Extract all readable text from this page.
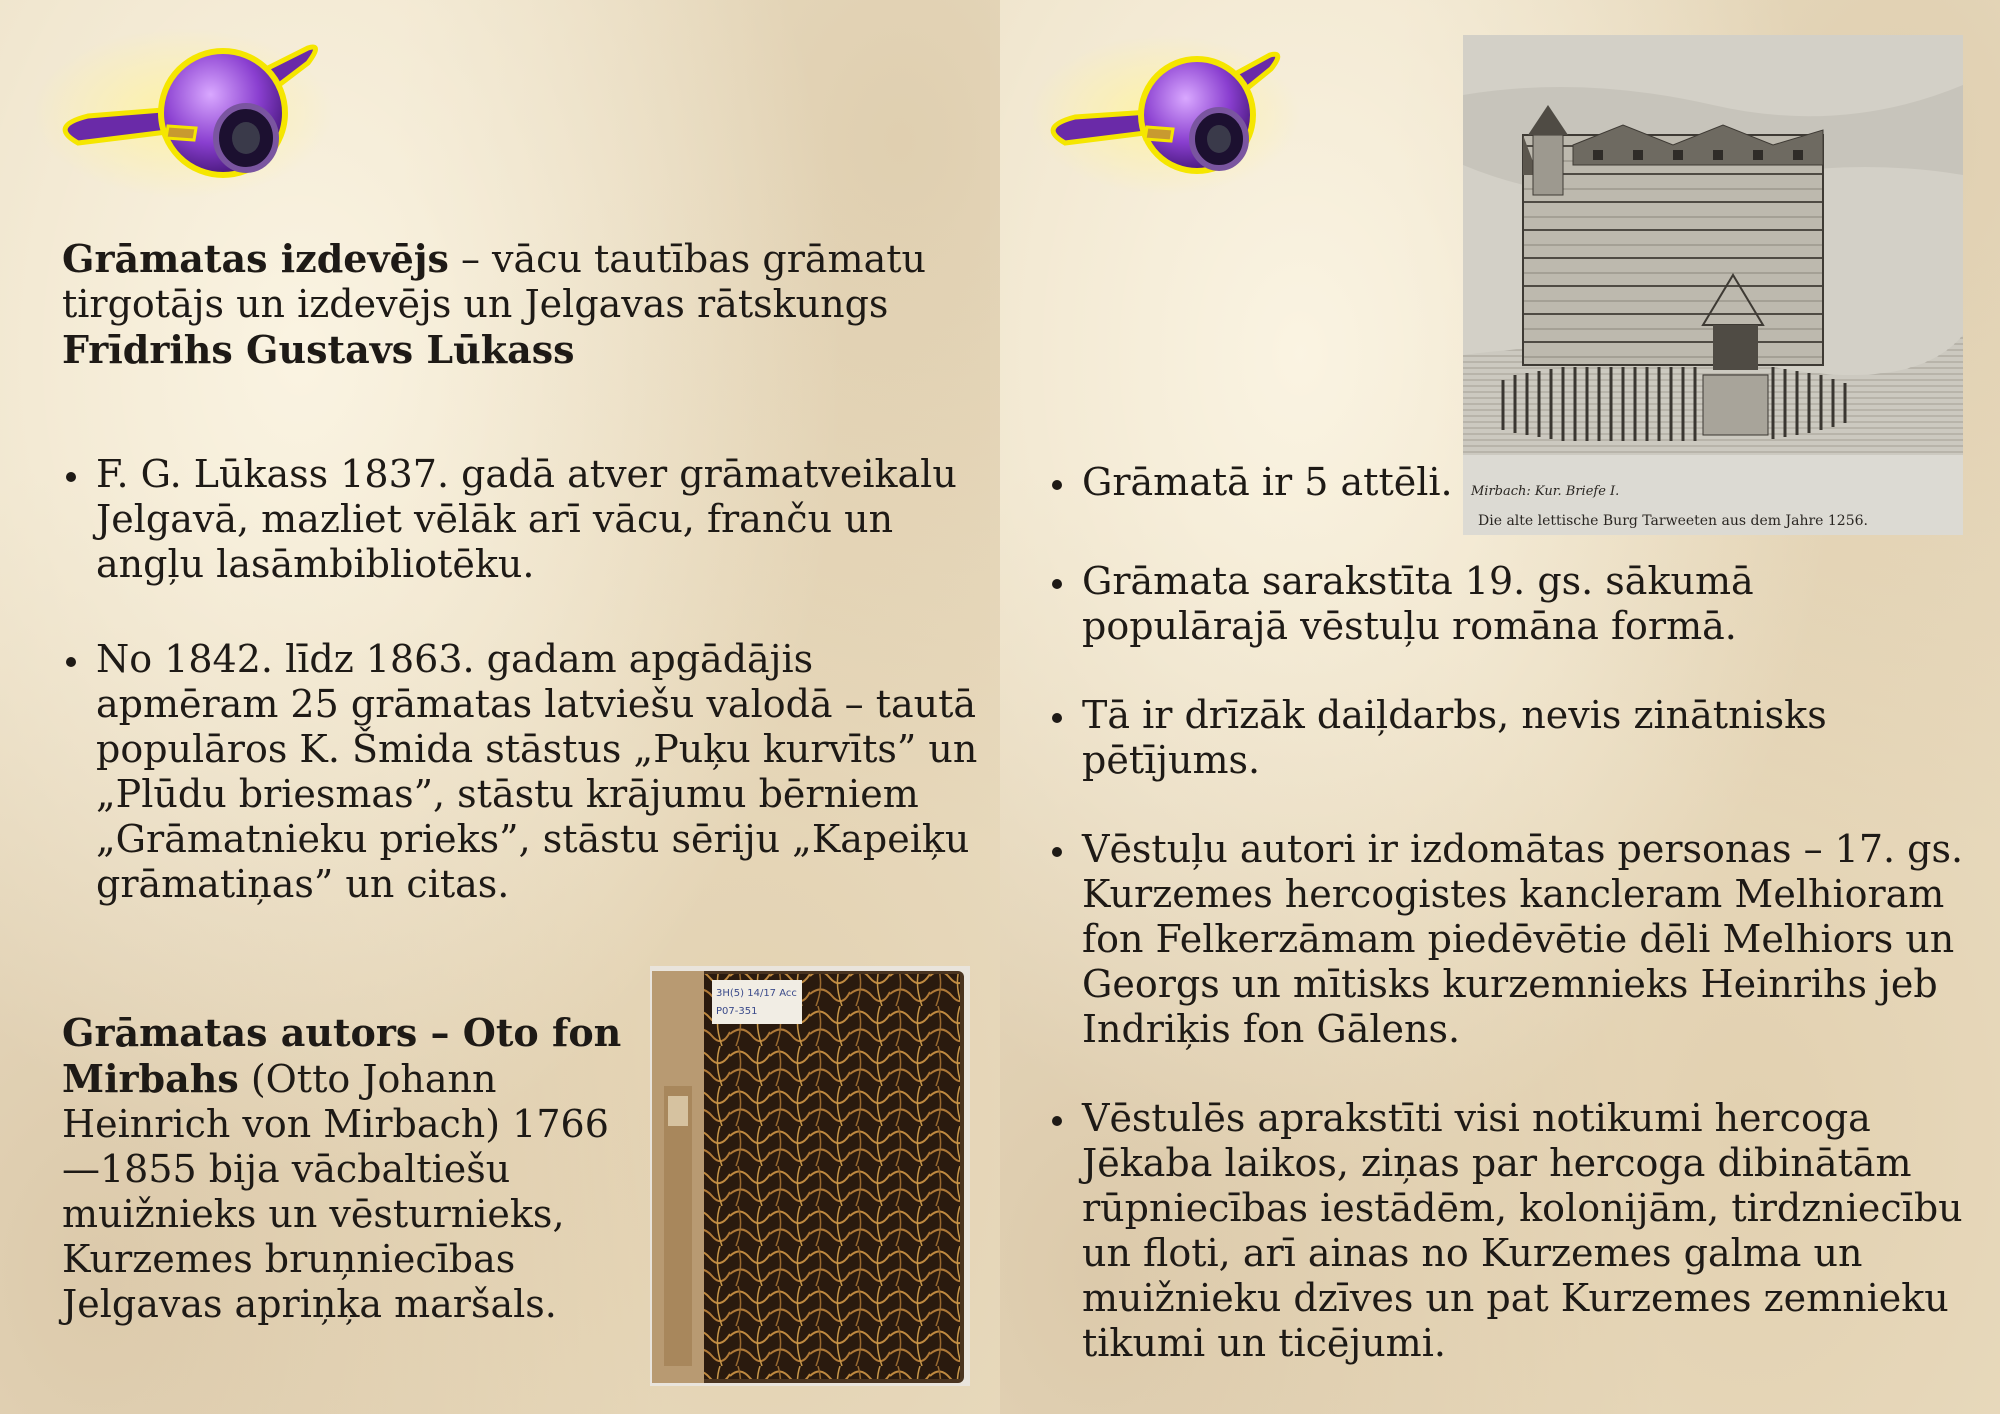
Grāmatas izdevējs – vācu tautības grāmatu tirgotājs un izdevējs un Jelgavas rātskungs
Frīdrihs Gustavs Lūkass
F. G. Lūkass 1837. gadā atver grāmatveikalu Jelgavā, mazliet vēlāk arī vācu, franču un angļu lasāmbibliotēku.
No 1842. līdz 1863. gadam apgādājis apmēram 25 grāmatas latviešu valodā – tautā populāros K. Šmida stāstus „Puķu kurvīts” un „Plūdu briesmas”, stāstu krājumu bērniem „Grāmatnieku prieks”, stāstu sēriju „Kapeiķu grāmatiņas” un citas.
Grāmatas autors – Oto fon Mirbahs (Otto Johann Heinrich von Mirbach) 1766—1855 bija vācbaltiešu muižnieks un vēsturnieks, Kurzemes bruņniecības Jelgavas apriņķa maršals.
3H(5) 14/17 Acc
P07-351
Mirbach: Kur. Briefe I.
Die alte lettische Burg Tarweeten aus dem Jahre 1256.
Grāmatā ir 5 attēli.
Grāmata sarakstīta 19. gs. sākumā populārajā vēstuļu romāna formā.
Tā ir drīzāk daiļdarbs, nevis zinātnisks pētījums.
Vēstuļu autori ir izdomātas personas – 17. gs. Kurzemes hercogistes kancleram Melhioram fon Felkerzāmam piedēvētie dēli Melhiors un Georgs un mītisks kurzemnieks Heinrihs jeb Indriķis fon Gālens.
Vēstulēs aprakstīti visi notikumi hercoga Jēkaba laikos, ziņas par hercoga dibinātām rūpniecības iestādēm, kolonijām, tirdzniecību un floti, arī ainas no Kurzemes galma un muižnieku dzīves un pat Kurzemes zemnieku tikumi un ticējumi.
